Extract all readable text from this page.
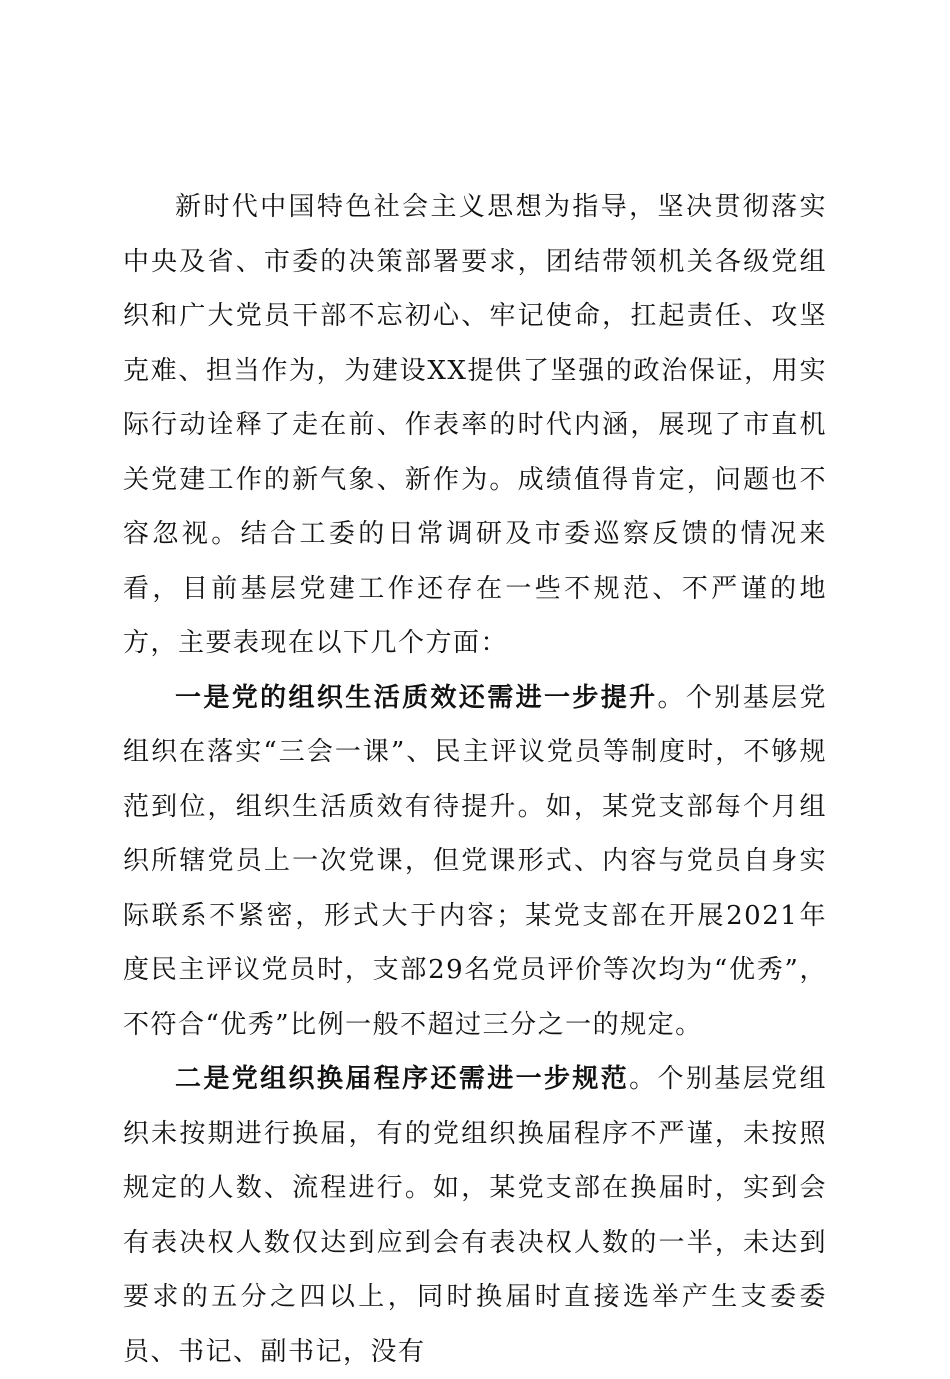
新时代中国特色社会主义思想为指导，坚决贯彻落实中央及省、市委的决策部署要求，团结带领机关各级党组织和广大党员干部不忘初心、牢记使命，扛起责任、攻坚克难、担当作为，为建设XX提供了坚强的政治保证，用实际行动诠释了走在前、作表率的时代内涵，展现了市直机关党建工作的新气象、新作为。成绩值得肯定，问题也不容忽视。结合工委的日常调研及市委巡察反馈的情况来看，目前基层党建工作还存在一些不规范、不严谨的地方，主要表现在以下几个方面：

一是党的组织生活质效还需进一步提升。个别基层党组织在落实“三会一课”、民主评议党员等制度时，不够规范到位，组织生活质效有待提升。如，某党支部每个月组织所辖党员上一次党课，但党课形式、内容与党员自身实际联系不紧密，形式大于内容；某党支部在开展2021年度民主评议党员时，支部29名党员评价等次均为“优秀”，不符合“优秀”比例一般不超过三分之一的规定。

二是党组织换届程序还需进一步规范。个别基层党组织未按期进行换届，有的党组织换届程序不严谨，未按照规定的人数、流程进行。如，某党支部在换届时，实到会有表决权人数仅达到应到会有表决权人数的一半，未达到要求的五分之四以上，同时换届时直接选举产生支委委员、书记、副书记，没有
